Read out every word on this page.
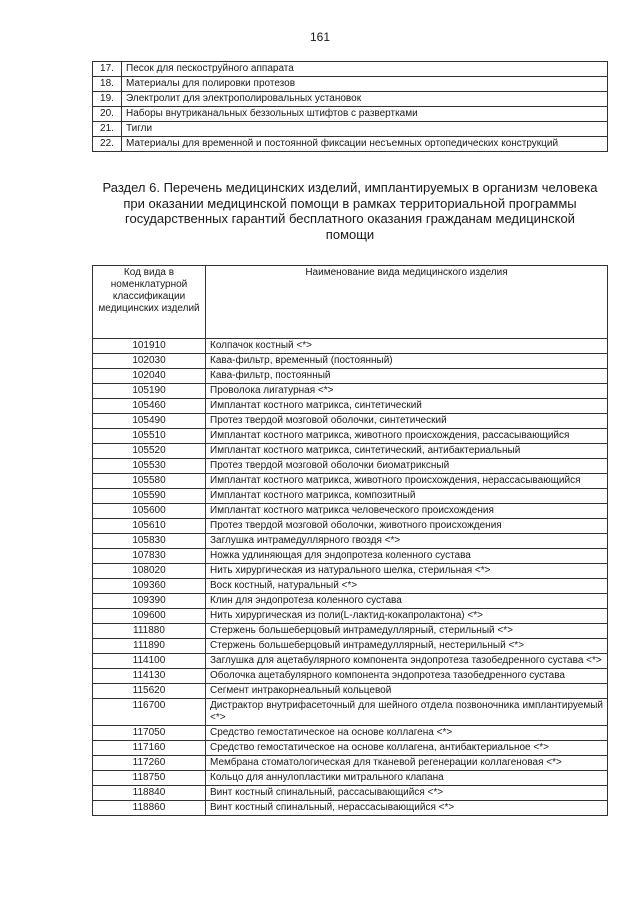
161
17.	Песок для пескоструйного аппарата
18.	Материалы для полировки протезов
19.	Электролит для электрополировальных установок
20.	Наборы внутриканальных беззольных штифтов с развертками
21.	Тигли
22.	Материалы для временной и постоянной фиксации несъемных ортопедических конструкций
Раздел 6. Перечень медицинских изделий, имплантируемых в организм человека при оказании медицинской помощи в рамках территориальной программы государственных гарантий бесплатного оказания гражданам медицинской помощи
Код вида в номенклатурной классификации медицинских изделий	Наименование вида медицинского изделия
101910	Колпачок костный <*>
102030	Кава-фильтр, временный (постоянный)
102040	Кава-фильтр, постоянный
105190	Проволока лигатурная <*>
105460	Имплантат костного матрикса, синтетический
105490	Протез твердой мозговой оболочки, синтетический
105510	Имплантат костного матрикса, животного происхождения, рассасывающийся
105520	Имплантат костного матрикса, синтетический, антибактериальный
105530	Протез твердой мозговой оболочки биоматриксный
105580	Имплантат костного матрикса, животного происхождения, нерассасывающийся
105590	Имплантат костного матрикса, композитный
105600	Имплантат костного матрикса человеческого происхождения
105610	Протез твердой мозговой оболочки, животного происхождения
105830	Заглушка интрамедуллярного гвоздя <*>
107830	Ножка удлиняющая для эндопротеза коленного сустава
108020	Нить хирургическая из натурального шелка, стерильная <*>
109360	Воск костный, натуральный <*>
109390	Клин для эндопротеза коленного сустава
109600	Нить хирургическая из поли(L-лактид-кокапролактона) <*>
111880	Стержень большеберцовый интрамедуллярный, стерильный <*>
111890	Стержень большеберцовый интрамедуллярный, нестерильный <*>
114100	Заглушка для ацетабулярного компонента эндопротеза тазобедренного сустава <*>
114130	Оболочка ацетабулярного компонента эндопротеза тазобедренного сустава
115620	Сегмент интракорнеальный кольцевой
116700	Дистрактор внутрифасеточный для шейного отдела позвоночника имплантируемый <*>
117050	Средство гемостатическое на основе коллагена <*>
117160	Средство гемостатическое на основе коллагена, антибактериальное <*>
117260	Мембрана стоматологическая для тканевой регенерации коллагеновая <*>
118750	Кольцо для аннулопластики митрального клапана
118840	Винт костный спинальный, рассасывающийся <*>
118860	Винт костный спинальный, нерассасывающийся <*>
